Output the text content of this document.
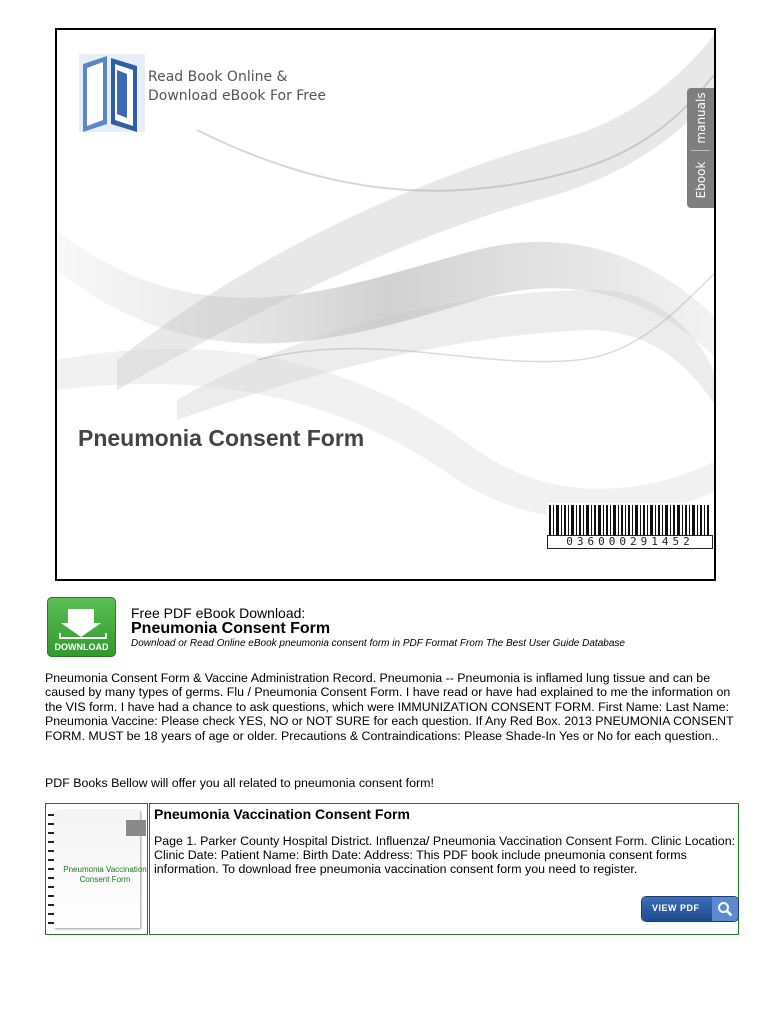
Read Book Online &
Download eBook For Free	manuals
Ebook
Pneumonia Consent Form
036000291452
DOWNLOAD
Free PDF eBook Download:
Pneumonia Consent Form
Download or Read Online eBook pneumonia consent form in PDF Format From The Best User Guide Database
Pneumonia Consent Form & Vaccine Administration Record. Pneumonia -- Pneumonia is inflamed lung tissue and can be caused by many types of germs. Flu / Pneumonia Consent Form. I have read or have had explained to me the information on the VIS form. I have had a chance to ask questions, which were IMMUNIZATION CONSENT FORM. First Name: Last Name: Pneumonia Vaccine: Please check YES, NO or NOT SURE for each question. If Any Red Box. 2013 PNEUMONIA CONSENT FORM. MUST be 18 years of age or older. Precautions & Contraindications: Please Shade-In Yes or No for each question..
PDF Books Bellow will offer you all related to pneumonia consent form!
Pneumonia Vaccination Consent Form
Pneumonia Vaccination Consent Form
Page 1. Parker County Hospital District. Influenza/ Pneumonia Vaccination Consent Form. Clinic Location: Clinic Date: Patient Name: Birth Date: Address: This PDF book include pneumonia consent forms information. To download free pneumonia vaccination consent form you need to register.
VIEW PDF
